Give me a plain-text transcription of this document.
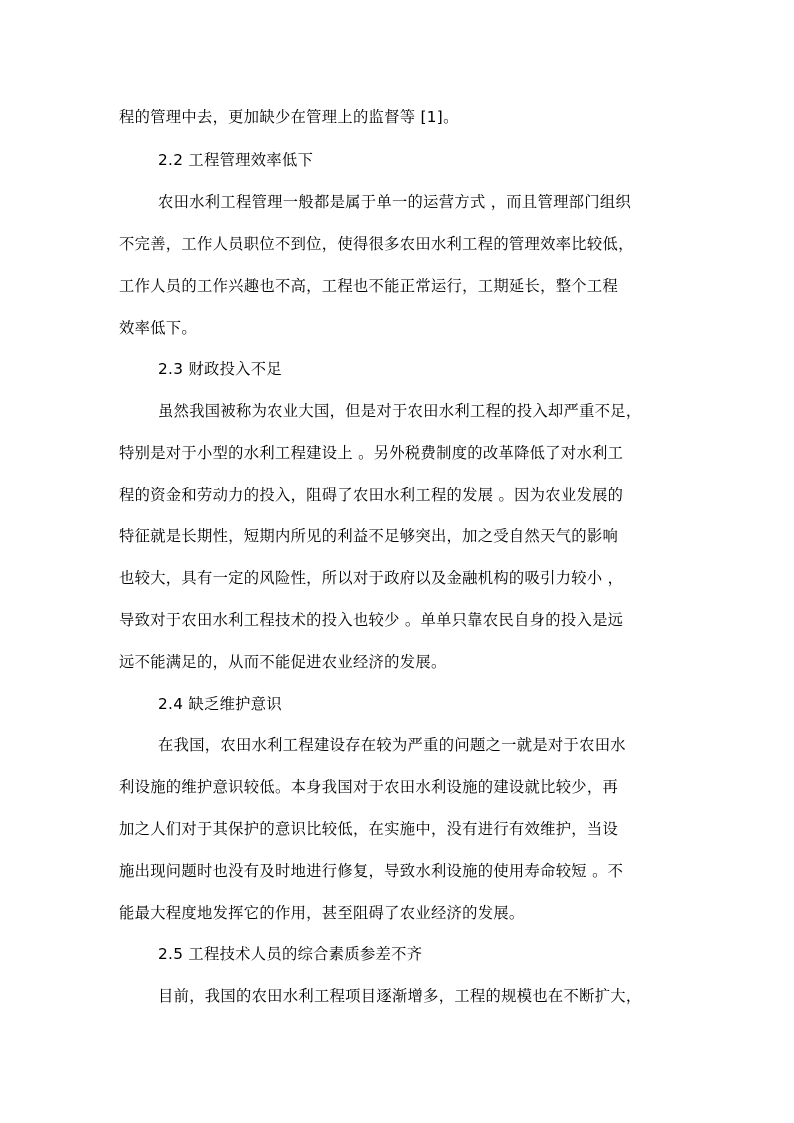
程的管理中去，更加缺少在管理上的监督等 [1]。
2.2 工程管理效率低下
农田水利工程管理一般都是属于单一的运营方式 ，而且管理部门组织
不完善，工作人员职位不到位，使得很多农田水利工程的管理效率比较低，
工作人员的工作兴趣也不高，工程也不能正常运行，工期延长，整个工程
效率低下。
2.3 财政投入不足
虽然我国被称为农业大国，但是对于农田水利工程的投入却严重不足，
特别是对于小型的水利工程建设上 。另外税费制度的改革降低了对水利工
程的资金和劳动力的投入，阻碍了农田水利工程的发展 。因为农业发展的
特征就是长期性，短期内所见的利益不足够突出，加之受自然天气的影响
也较大，具有一定的风险性，所以对于政府以及金融机构的吸引力较小 ，
导致对于农田水利工程技术的投入也较少 。单单只靠农民自身的投入是远
远不能满足的，从而不能促进农业经济的发展。
2.4 缺乏维护意识
在我国，农田水利工程建设存在较为严重的问题之一就是对于农田水
利设施的维护意识较低。本身我国对于农田水利设施的建设就比较少，再
加之人们对于其保护的意识比较低，在实施中，没有进行有效维护，当设
施出现问题时也没有及时地进行修复，导致水利设施的使用寿命较短 。不
能最大程度地发挥它的作用，甚至阻碍了农业经济的发展。
2.5 工程技术人员的综合素质参差不齐
目前，我国的农田水利工程项目逐渐增多，工程的规模也在不断扩大，
